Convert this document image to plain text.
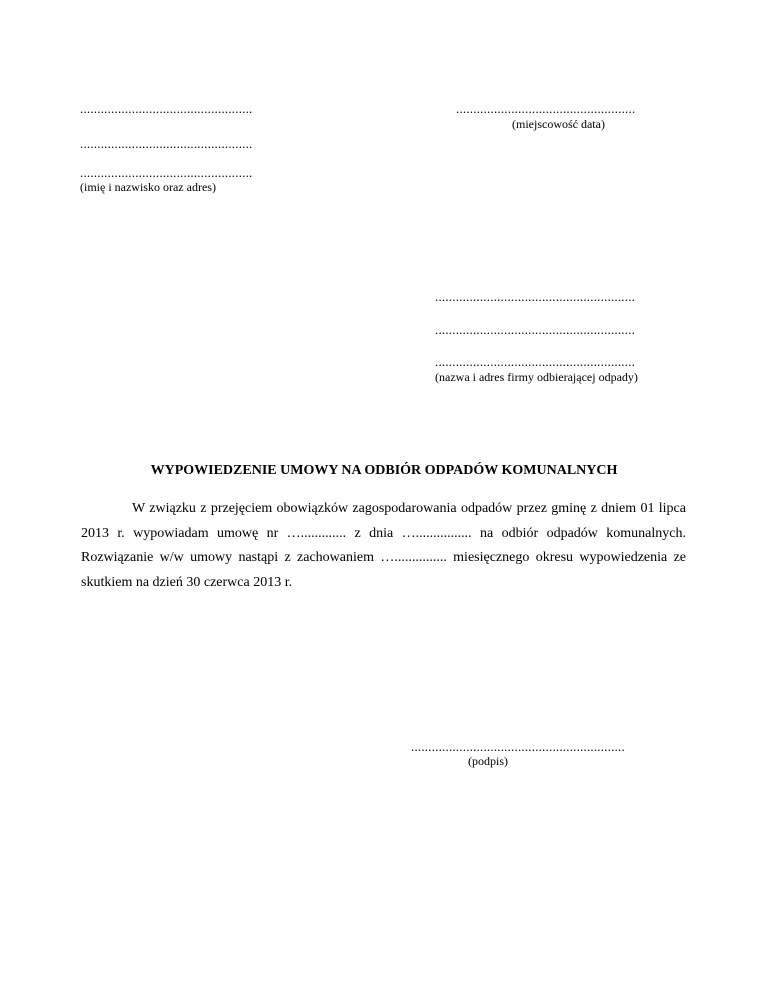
..................................................
..................................................
..................................................
(imię i nazwisko oraz adres)
....................................................
(miejscowość data)
..........................................................
..........................................................
..........................................................
(nazwa i adres firmy odbierającej odpady)
WYPOWIEDZENIE UMOWY NA ODBIÓR ODPADÓW KOMUNALNYCH
W związku z przejęciem obowiązków zagospodarowania odpadów przez gminę z dniem 01 lipca 2013 r. wypowiadam umowę nr …............. z dnia …................ na odbiór odpadów komunalnych. Rozwiązanie w/w umowy nastąpi z zachowaniem …............... miesięcznego okresu wypowiedzenia ze skutkiem na dzień 30 czerwca 2013 r.
..............................................................
(podpis)
